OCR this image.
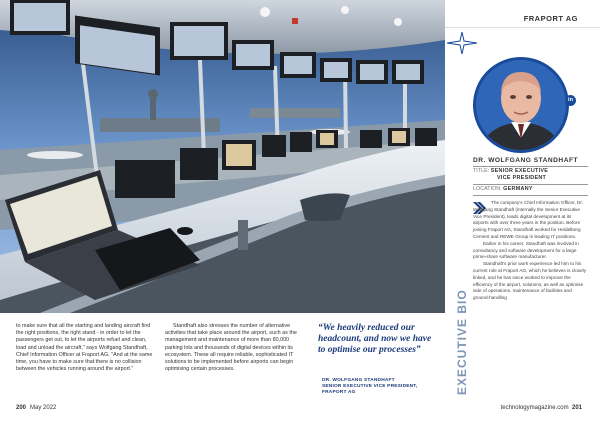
FRAPORT AG
in
DR. WOLFGANG STANDHAFT
TITLE: SENIOR EXECUTIVE
VICE PRESIDENT
LOCATION: GERMANY

The company's Chief Information Officer, Dr. Wolfgang Standhaft (internally the Senior Executive Vice President), leads digital development at its airports with over three years in the position. Before joining Fraport AG, Standhaft worked for Heidelberg Cement and REWE Group in leading IT positions.

Earlier in his career, Standhaft was involved in consultancy and software development for a large prime-share software manufacturer.

Standhaft's prior work experience led him to his current role at Fraport AG, which he believes is closely linked, and he has since worked to improve the efficiency of the airport, solutions, as well as optimise side of operations, maintenance of facilities and ground-handling

EXECUTIVE BIO

to make sure that all the starting and landing aircraft find the right positions, the right stand - in order to let the passengers get out, to let the airports refuel and clean, load and unload the aircraft," says Wolfgang Standhaft, Chief Information Officer at Fraport AG. "And at the same time, you have to make sure that there is no collision between the vehicles running around the airport."

Standhaft also stresses the number of alternative activities that take place around the airport, such as the management and maintenance of more than 80,000 parking lots and thousands of digital devices within its ecosystem. These all require reliable, sophisticated IT solutions to be implemented before airports can begin optimising certain processes.

“We heavily reduced our headcount, and now we have to optimise our processes”
DR. WOLFGANG STANDHAFT
SENIOR EXECUTIVE VICE PRESIDENT,
FRAPORT AG
200 May 2022	technologymagazine.com 201
